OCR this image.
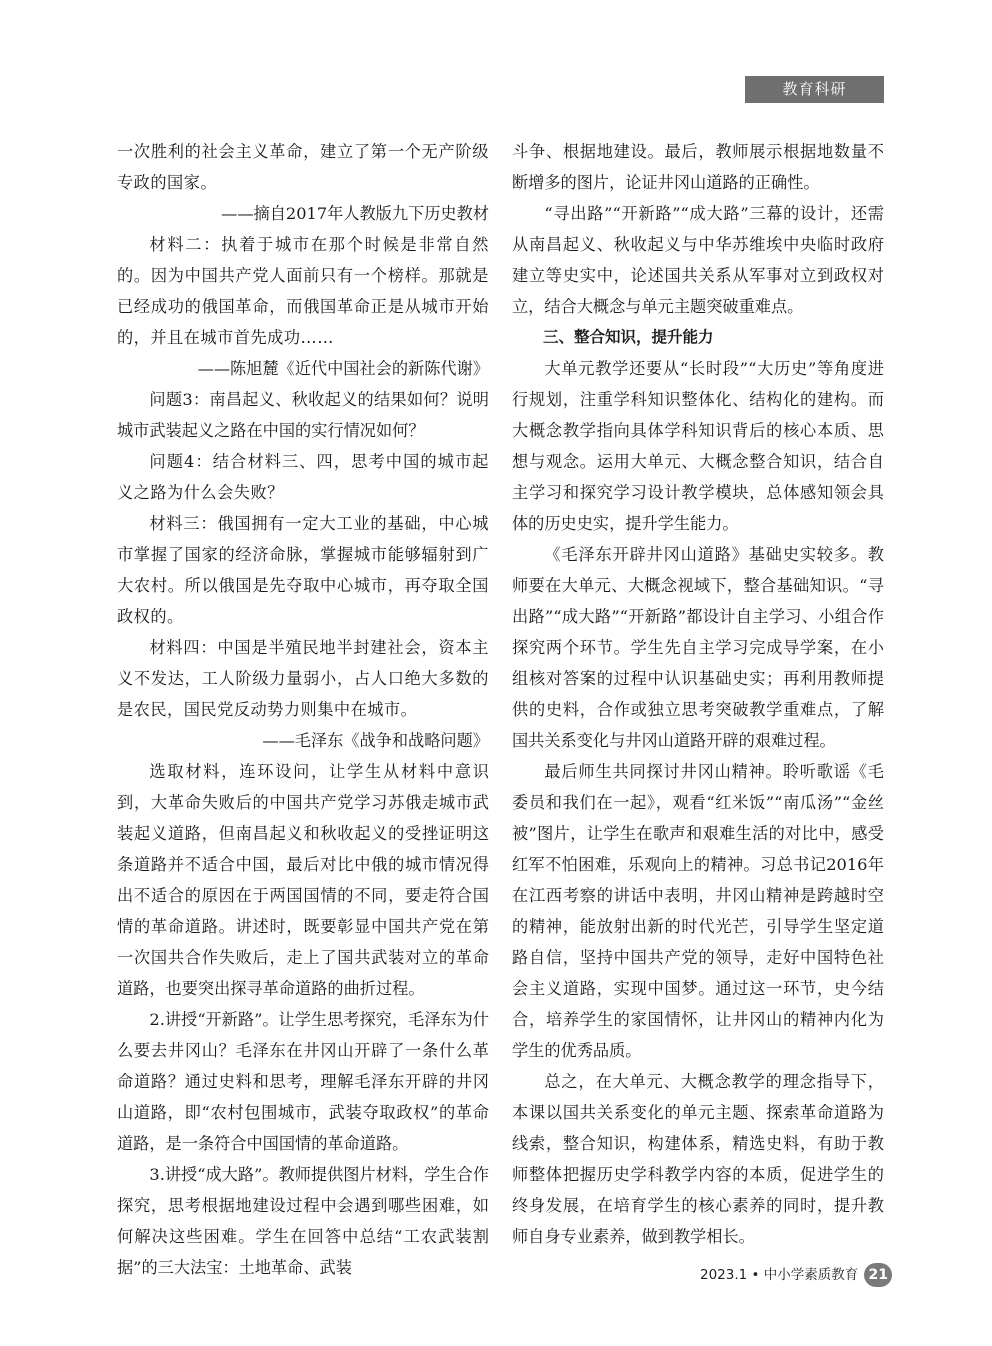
教育科研

一次胜利的社会主义革命，建立了第一个无产阶级专政的国家。

——摘自2017年人教版九下历史教材

材料二：执着于城市在那个时候是非常自然的。因为中国共产党人面前只有一个榜样。那就是已经成功的俄国革命，而俄国革命正是从城市开始的，并且在城市首先成功……

——陈旭麓《近代中国社会的新陈代谢》

问题3：南昌起义、秋收起义的结果如何？说明城市武装起义之路在中国的实行情况如何？

问题4：结合材料三、四，思考中国的城市起义之路为什么会失败？

材料三：俄国拥有一定大工业的基础，中心城市掌握了国家的经济命脉，掌握城市能够辐射到广大农村。所以俄国是先夺取中心城市，再夺取全国政权的。

材料四：中国是半殖民地半封建社会，资本主义不发达，工人阶级力量弱小，占人口绝大多数的是农民，国民党反动势力则集中在城市。

——毛泽东《战争和战略问题》

选取材料，连环设问，让学生从材料中意识到，大革命失败后的中国共产党学习苏俄走城市武装起义道路，但南昌起义和秋收起义的受挫证明这条道路并不适合中国，最后对比中俄的城市情况得出不适合的原因在于两国国情的不同，要走符合国情的革命道路。讲述时，既要彰显中国共产党在第一次国共合作失败后，走上了国共武装对立的革命道路，也要突出探寻革命道路的曲折过程。

2.讲授“开新路”。让学生思考探究，毛泽东为什么要去井冈山？毛泽东在井冈山开辟了一条什么革命道路？通过史料和思考，理解毛泽东开辟的井冈山道路，即“农村包围城市，武装夺取政权”的革命道路，是一条符合中国国情的革命道路。

3.讲授“成大路”。教师提供图片材料，学生合作探究，思考根据地建设过程中会遇到哪些困难，如何解决这些困难。学生在回答中总结“工农武装割据”的三大法宝：土地革命、武装

斗争、根据地建设。最后，教师展示根据地数量不断增多的图片，论证井冈山道路的正确性。

“寻出路”“开新路”“成大路”三幕的设计，还需从南昌起义、秋收起义与中华苏维埃中央临时政府建立等史实中，论述国共关系从军事对立到政权对立，结合大概念与单元主题突破重难点。

三、整合知识，提升能力

大单元教学还要从“长时段”“大历史”等角度进行规划，注重学科知识整体化、结构化的建构。而大概念教学指向具体学科知识背后的核心本质、思想与观念。运用大单元、大概念整合知识，结合自主学习和探究学习设计教学模块，总体感知领会具体的历史史实，提升学生能力。

《毛泽东开辟井冈山道路》基础史实较多。教师要在大单元、大概念视域下，整合基础知识。“寻出路”“成大路”“开新路”都设计自主学习、小组合作探究两个环节。学生先自主学习完成导学案，在小组核对答案的过程中认识基础史实；再利用教师提供的史料，合作或独立思考突破教学重难点，了解国共关系变化与井冈山道路开辟的艰难过程。

最后师生共同探讨井冈山精神。聆听歌谣《毛委员和我们在一起》，观看“红米饭”“南瓜汤”“金丝被”图片，让学生在歌声和艰难生活的对比中，感受红军不怕困难，乐观向上的精神。习总书记2016年在江西考察的讲话中表明，井冈山精神是跨越时空的精神，能放射出新的时代光芒，引导学生坚定道路自信，坚持中国共产党的领导，走好中国特色社会主义道路，实现中国梦。通过这一环节，史今结合，培养学生的家国情怀，让井冈山的精神内化为学生的优秀品质。

总之，在大单元、大概念教学的理念指导下，本课以国共关系变化的单元主题、探索革命道路为线索，整合知识，构建体系，精选史料，有助于教师整体把握历史学科教学内容的本质，促进学生的终身发展，在培育学生的核心素养的同时，提升教师自身专业素养，做到教学相长。

2023.1 • 中小学素质教育 21
